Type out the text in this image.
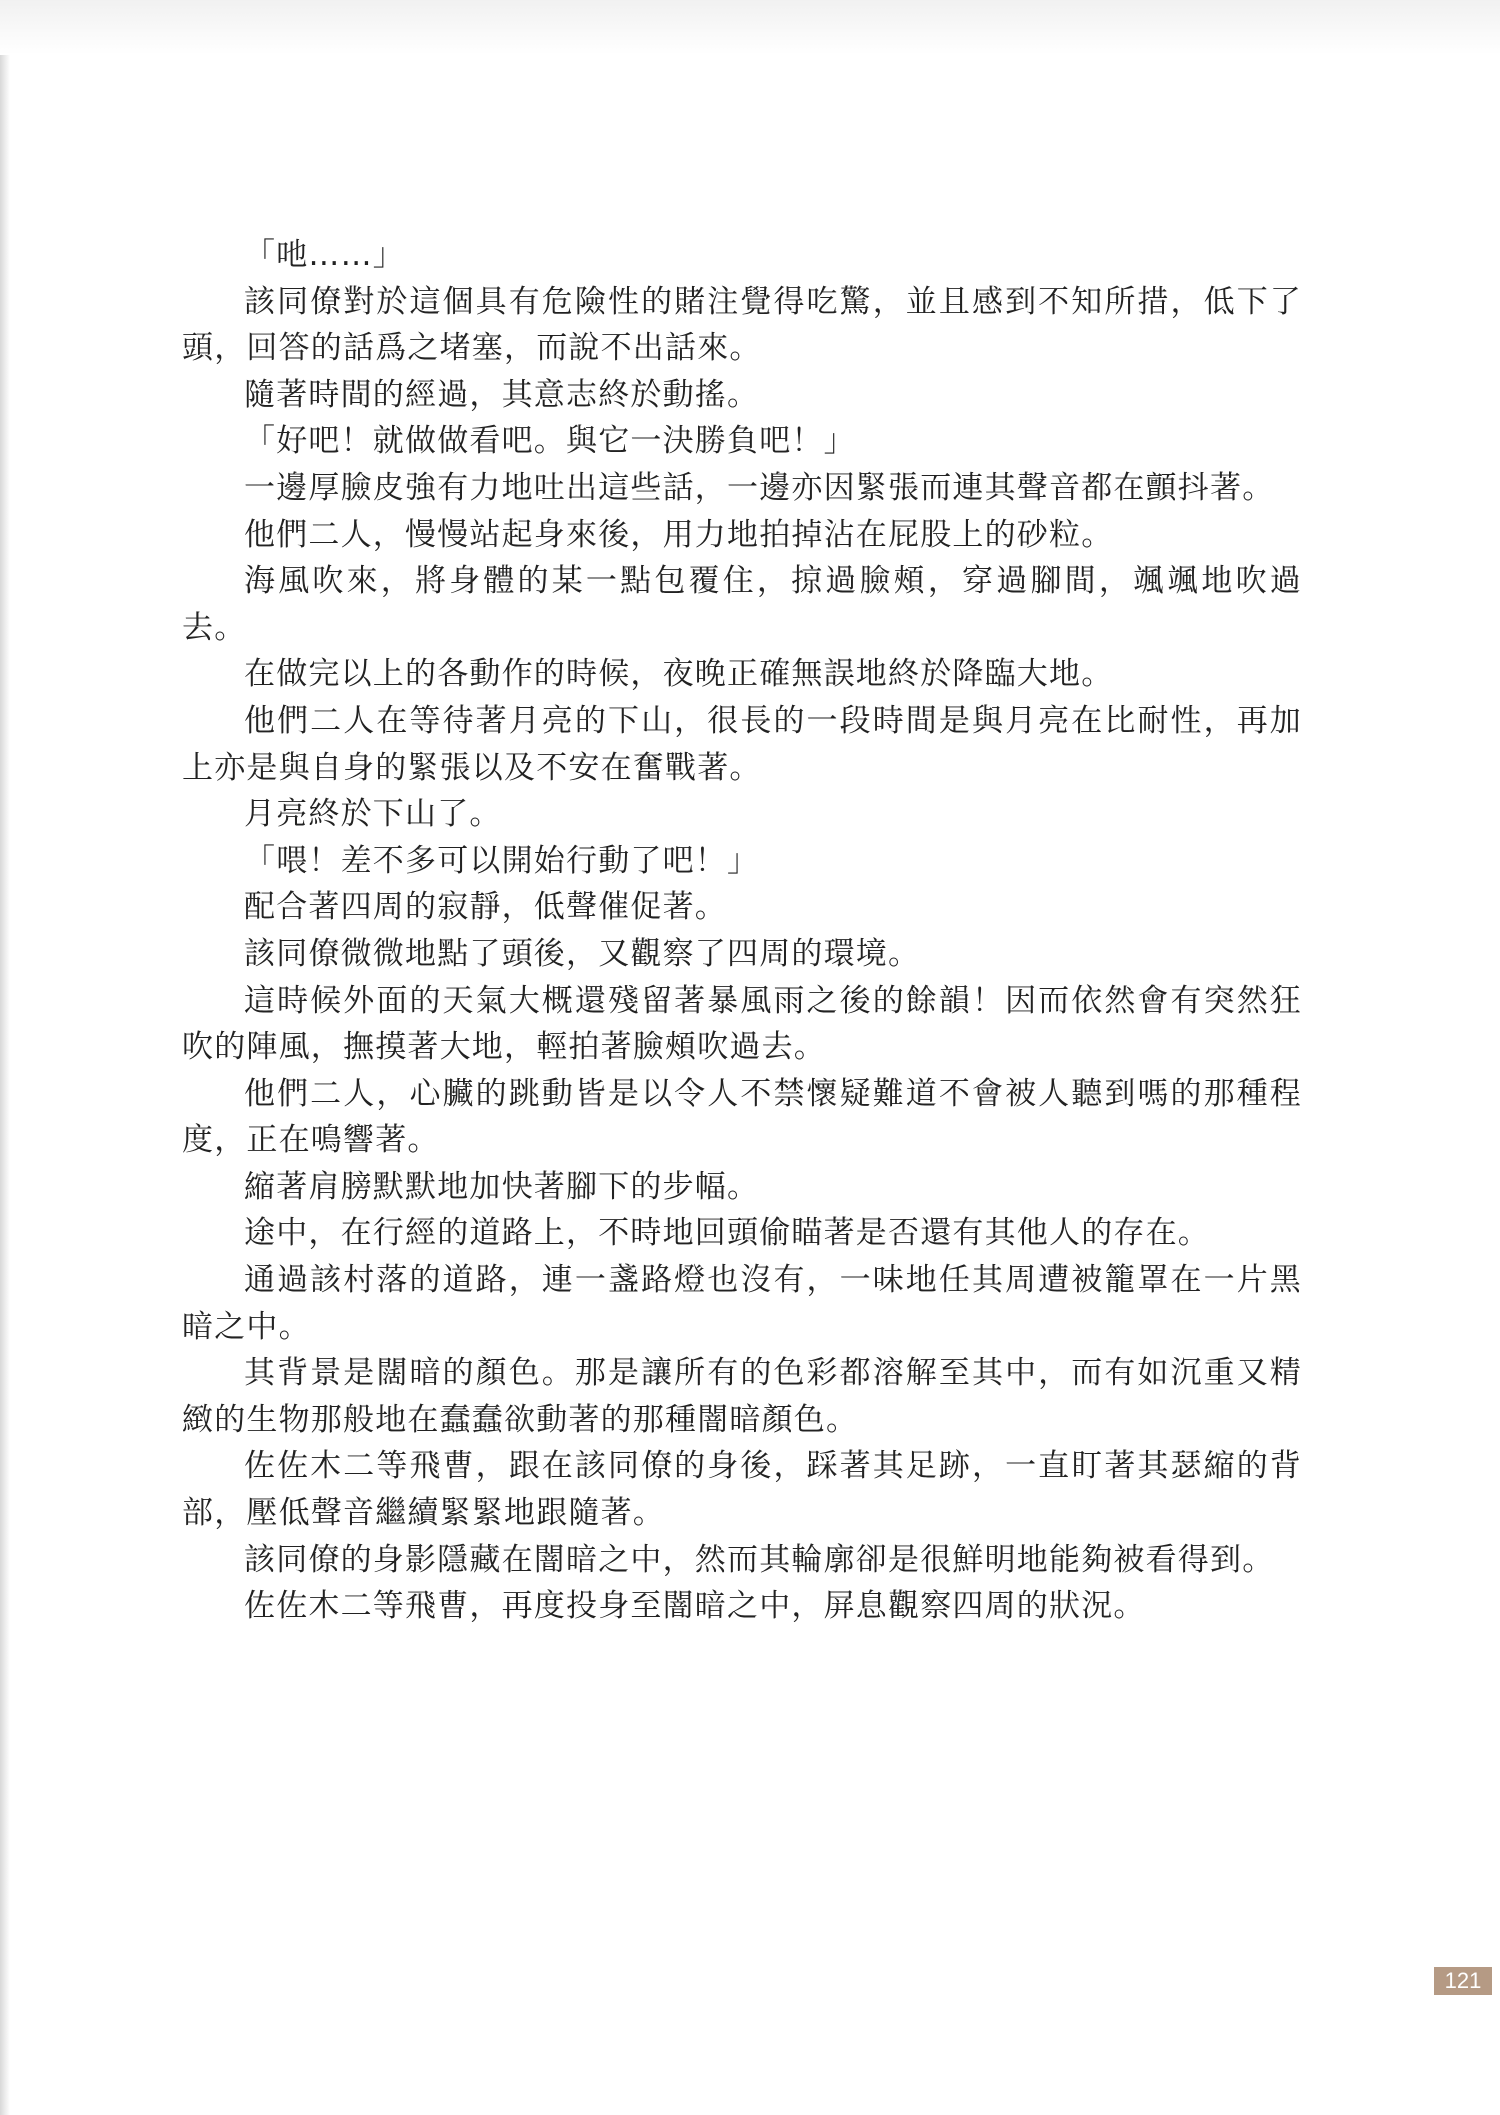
「吔……」

該同僚對於這個具有危險性的賭注覺得吃驚，並且感到不知所措，低下了頭，回答的話爲之堵塞，而說不出話來。

隨著時間的經過，其意志終於動搖。

「好吧！就做做看吧。與它一決勝負吧！」

一邊厚臉皮強有力地吐出這些話，一邊亦因緊張而連其聲音都在顫抖著。

他們二人，慢慢站起身來後，用力地拍掉沾在屁股上的砂粒。

海風吹來，將身體的某一點包覆住，掠過臉頰，穿過腳間，颯颯地吹過去。

在做完以上的各動作的時候，夜晚正確無誤地終於降臨大地。

他們二人在等待著月亮的下山，很長的一段時間是與月亮在比耐性，再加上亦是與自身的緊張以及不安在奮戰著。

月亮終於下山了。

「喂！差不多可以開始行動了吧！」

配合著四周的寂靜，低聲催促著。

該同僚微微地點了頭後，又觀察了四周的環境。

這時候外面的天氣大概還殘留著暴風雨之後的餘韻！因而依然會有突然狂吹的陣風，撫摸著大地，輕拍著臉頰吹過去。

他們二人，心臟的跳動皆是以令人不禁懷疑難道不會被人聽到嗎的那種程度，正在鳴響著。

縮著肩膀默默地加快著腳下的步幅。

途中，在行經的道路上，不時地回頭偷瞄著是否還有其他人的存在。

通過該村落的道路，連一盞路燈也沒有，一味地任其周遭被籠罩在一片黑暗之中。

其背景是闊暗的顏色。那是讓所有的色彩都溶解至其中，而有如沉重又精緻的生物那般地在蠢蠢欲動著的那種闇暗顏色。

佐佐木二等飛曹，跟在該同僚的身後，踩著其足跡，一直盯著其瑟縮的背部，壓低聲音繼續緊緊地跟隨著。

該同僚的身影隱藏在闇暗之中，然而其輪廓卻是很鮮明地能夠被看得到。

佐佐木二等飛曹，再度投身至闇暗之中，屏息觀察四周的狀況。

121
